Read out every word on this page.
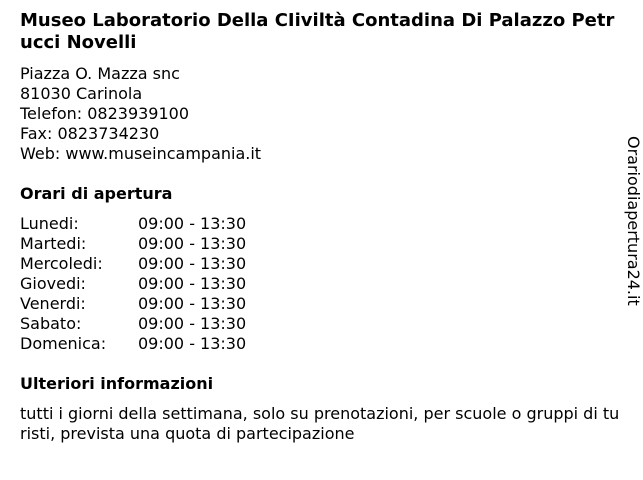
Museo Laboratorio Della CIiviltà Contadina Di Palazzo Petrucci Novelli
Piazza O. Mazza snc
81030 Carinola
Telefon: 0823939100
Fax: 0823734230
Web: www.museincampania.it
Orari di apertura
Lunedi:	09:00 - 13:30
Martedi:	09:00 - 13:30
Mercoledi: 09:00 - 13:30
Giovedi:	09:00 - 13:30
Venerdi:	09:00 - 13:30
Sabato:	09:00 - 13:30
Domenica: 09:00 - 13:30
Ulteriori informazioni
tutti i giorni della settimana, solo su prenotazioni, per scuole o gruppi di turisti, prevista una quota di partecipazione
Orariodiapertura24.it
